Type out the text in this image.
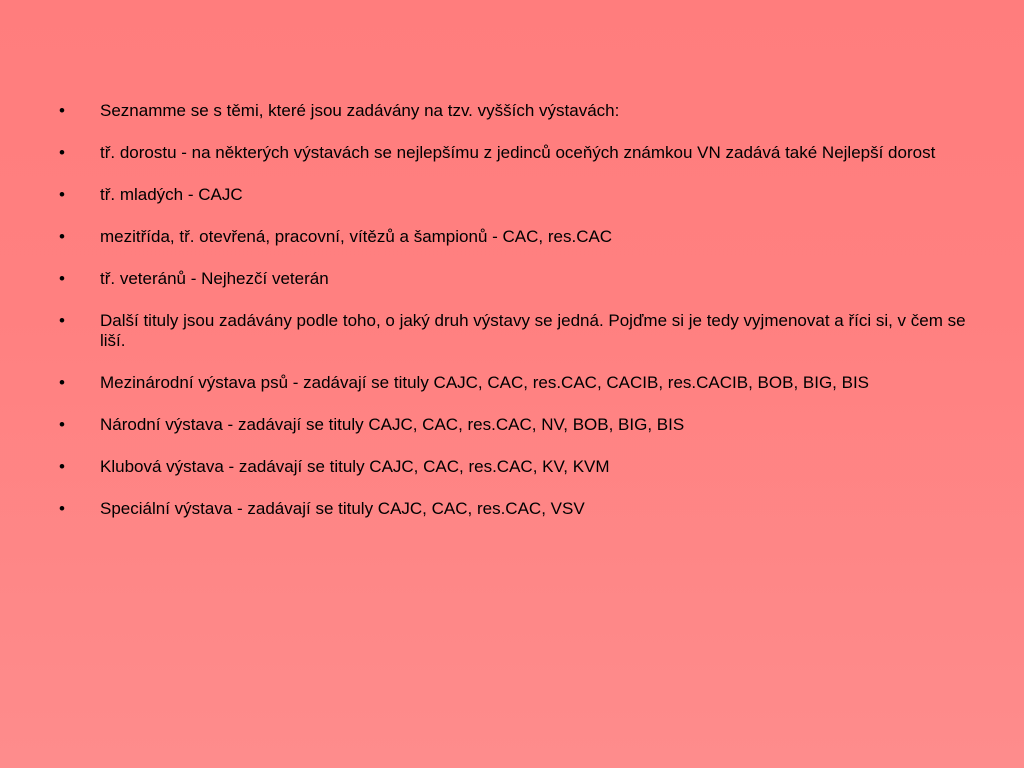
•	Seznamme se s těmi, které jsou zadávány na tzv. vyšších výstavách:
•	tř. dorostu - na některých výstavách se nejlepšímu z jedinců oceňých známkou VN zadává také Nejlepší dorost
•	tř. mladých - CAJC
•	mezitřída, tř. otevřená, pracovní, vítězů a šampionů - CAC, res.CAC
•	tř. veteránů - Nejhezčí veterán
•	Další tituly jsou zadávány podle toho, o jaký druh výstavy se jedná. Pojďme si je tedy vyjmenovat a říci si, v čem se liší.
•	Mezinárodní výstava psů - zadávají se tituly CAJC, CAC, res.CAC, CACIB, res.CACIB, BOB, BIG, BIS
•	Národní výstava - zadávají se tituly CAJC, CAC, res.CAC, NV, BOB, BIG, BIS
•	Klubová výstava - zadávají se tituly CAJC, CAC, res.CAC, KV, KVM
•	Speciální výstava - zadávají se tituly CAJC, CAC, res.CAC, VSV
